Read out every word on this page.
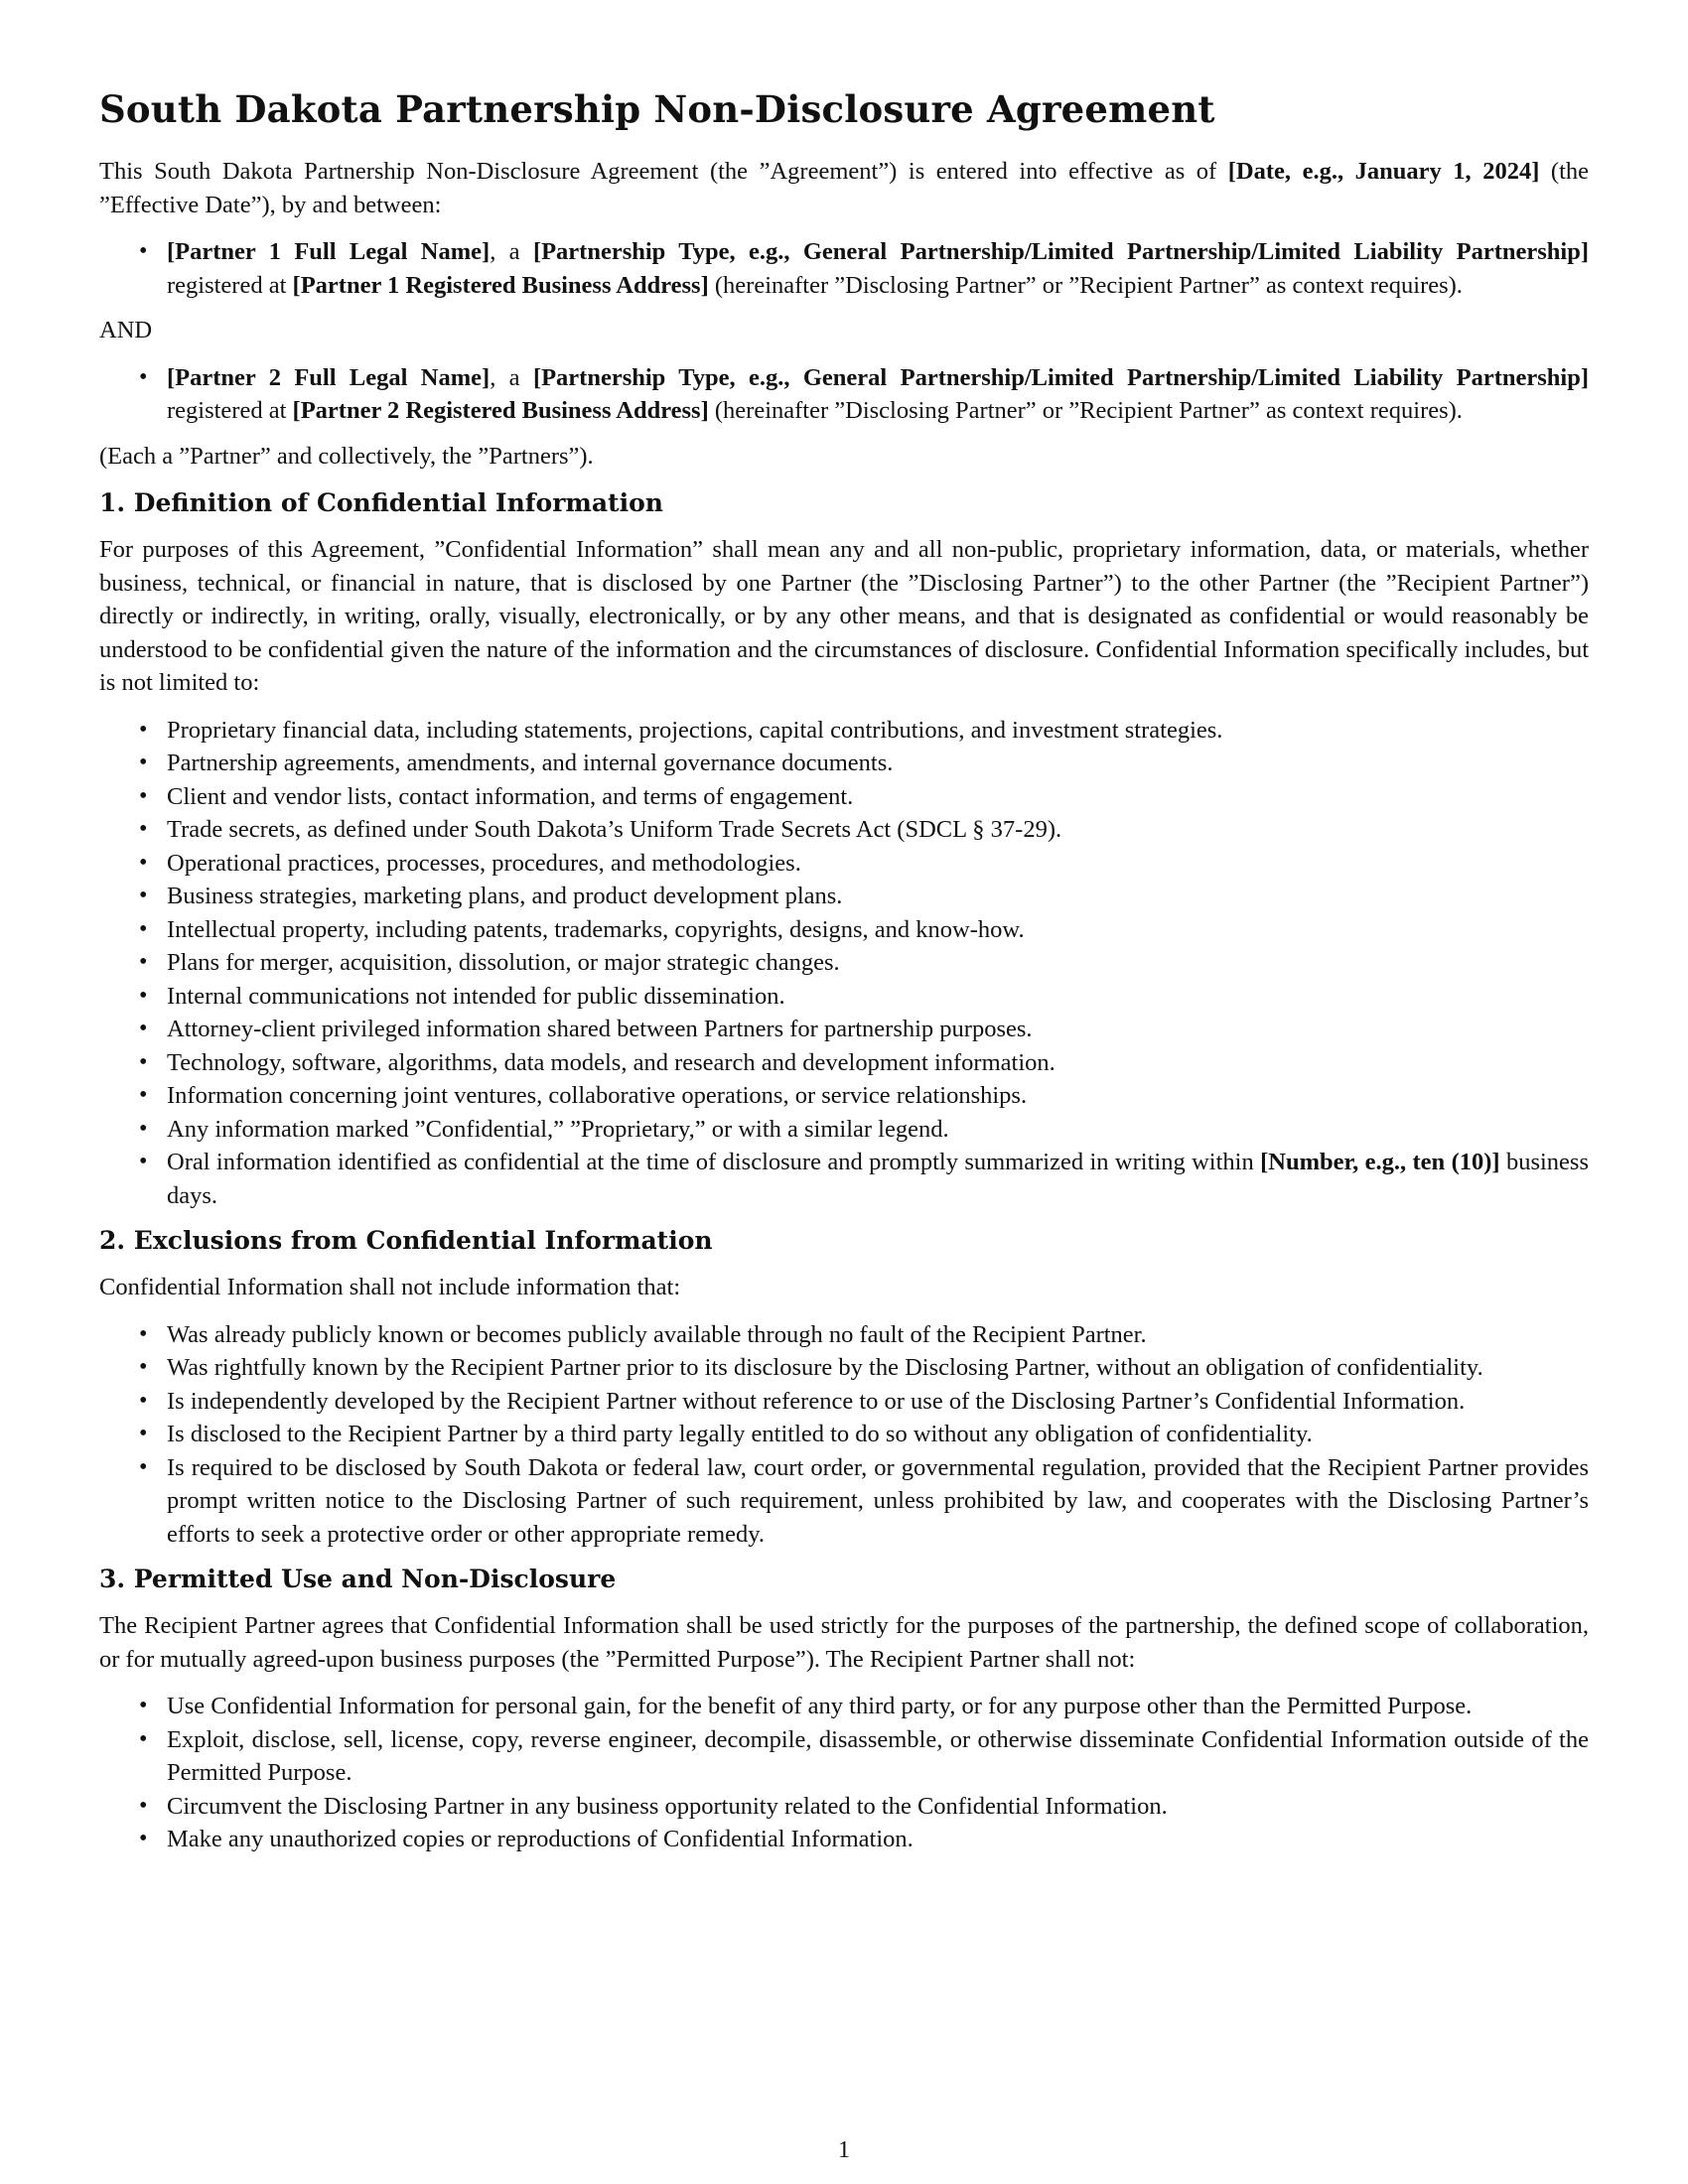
South Dakota Partnership Non-Disclosure Agreement

This South Dakota Partnership Non-Disclosure Agreement (the ”Agreement”) is entered into effective as of [Date, e.g., January 1, 2024] (the ”Effective Date”), by and between:

• [Partner 1 Full Legal Name], a [Partnership Type, e.g., General Partnership/Limited Partnership/Limited Liability Partnership] registered at [Partner 1 Registered Business Address] (hereinafter ”Disclosing Partner” or ”Recipient Partner” as context requires).

AND

• [Partner 2 Full Legal Name], a [Partnership Type, e.g., General Partnership/Limited Partnership/Limited Liability Partnership] registered at [Partner 2 Registered Business Address] (hereinafter ”Disclosing Partner” or ”Recipient Partner” as context requires).

(Each a ”Partner” and collectively, the ”Partners”).

1. Definition of Confidential Information

For purposes of this Agreement, ”Confidential Information” shall mean any and all non-public, proprietary information, data, or materials, whether business, technical, or financial in nature, that is disclosed by one Partner (the ”Disclosing Partner”) to the other Partner (the ”Recipient Partner”) directly or indirectly, in writing, orally, visually, electronically, or by any other means, and that is designated as confidential or would reasonably be understood to be confidential given the nature of the information and the circumstances of disclosure. Confidential Information specifically includes, but is not limited to:

• Proprietary financial data, including statements, projections, capital contributions, and investment strategies.
• Partnership agreements, amendments, and internal governance documents.
• Client and vendor lists, contact information, and terms of engagement.
• Trade secrets, as defined under South Dakota’s Uniform Trade Secrets Act (SDCL § 37-29).
• Operational practices, processes, procedures, and methodologies.
• Business strategies, marketing plans, and product development plans.
• Intellectual property, including patents, trademarks, copyrights, designs, and know-how.
• Plans for merger, acquisition, dissolution, or major strategic changes.
• Internal communications not intended for public dissemination.
• Attorney-client privileged information shared between Partners for partnership purposes.
• Technology, software, algorithms, data models, and research and development information.
• Information concerning joint ventures, collaborative operations, or service relationships.
• Any information marked ”Confidential,” ”Proprietary,” or with a similar legend.
• Oral information identified as confidential at the time of disclosure and promptly summarized in writing within [Number, e.g., ten (10)] business days.
2. Exclusions from Confidential Information

Confidential Information shall not include information that:

• Was already publicly known or becomes publicly available through no fault of the Recipient Partner.
• Was rightfully known by the Recipient Partner prior to its disclosure by the Disclosing Partner, without an obligation of confidentiality.
• Is independently developed by the Recipient Partner without reference to or use of the Disclosing Partner’s Confidential Information.
• Is disclosed to the Recipient Partner by a third party legally entitled to do so without any obligation of confidentiality.
• Is required to be disclosed by South Dakota or federal law, court order, or governmental regulation, provided that the Recipient Partner provides prompt written notice to the Disclosing Partner of such requirement, unless prohibited by law, and cooperates with the Disclosing Partner’s efforts to seek a protective order or other appropriate remedy.
3. Permitted Use and Non-Disclosure

The Recipient Partner agrees that Confidential Information shall be used strictly for the purposes of the partnership, the defined scope of collaboration, or for mutually agreed-upon business purposes (the ”Permitted Purpose”). The Recipient Partner shall not:

• Use Confidential Information for personal gain, for the benefit of any third party, or for any purpose other than the Permitted Purpose.
• Exploit, disclose, sell, license, copy, reverse engineer, decompile, disassemble, or otherwise disseminate Confidential Information outside of the Permitted Purpose.
• Circumvent the Disclosing Partner in any business opportunity related to the Confidential Information.
• Make any unauthorized copies or reproductions of Confidential Information.
1
